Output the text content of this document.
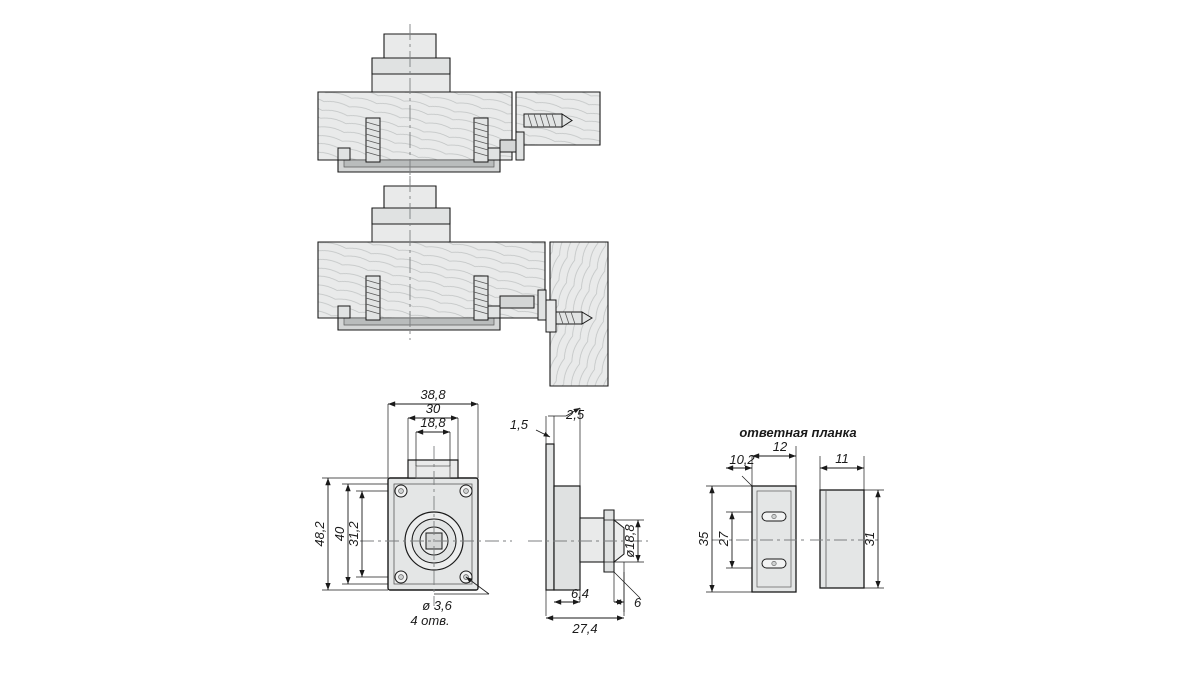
38,8
30
18,8
48,2 40 31,2
ø 3,6
4 отв.
1,5
2,5
ø18,8
6
6,4
27,4
ответная планка
10,2
12
11
35 27	31
